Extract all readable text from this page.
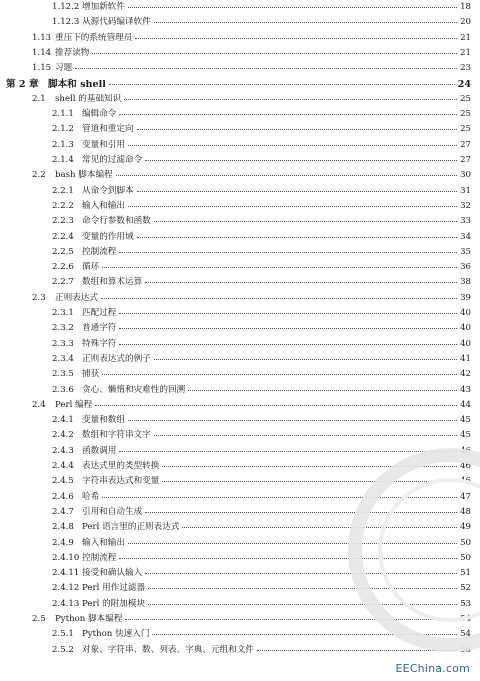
1.12.2 增加新软件	18
1.12.3 从源代码编译软件	20
1.13 重压下的系统管理员	21
1.14 推荐读物	21
1.15 习题	23
第 2 章 脚本和 shell	24
2.1 shell 的基础知识	25
2.1.1 编辑命令	25
2.1.2 管道和重定向	25
2.1.3 变量和引用	27
2.1.4 常见的过滤命令	27
2.2 bash 脚本编程	30
2.2.1 从命令到脚本	31
2.2.2 输入和输出	32
2.2.3 命令行参数和函数	33
2.2.4 变量的作用域	34
2.2.5 控制流程	35
2.2.6 循环	36
2.2.7 数组和算术运算	38
2.3 正则表达式	39
2.3.1 匹配过程	40
2.3.2 普通字符	40
2.3.3 特殊字符	40
2.3.4 正则表达式的例子	41
2.3.5 捕获	42
2.3.6 贪心、懒惰和灾难性的回溯	43
2.4 Perl 编程	44
2.4.1 变量和数组	45
2.4.2 数组和字符串文字	45
2.4.3 函数调用	46
2.4.4 表达式里的类型转换	46
2.4.5 字符串表达式和变量	46
2.4.6 哈希	47
2.4.7 引用和自动生成	48
2.4.8 Perl 语言里的正则表达式	49
2.4.9 输入和输出	50
2.4.10 控制流程	50
2.4.11 接受和确认输入	51
2.4.12 Perl 用作过滤器	52
2.4.13 Perl 的附加模块	53
2.5 Python 脚本编程	54
2.5.1 Python 快速入门	54
2.5.2 对象、字符串、数、列表、字典、元组和文件	56
EEChina.com
